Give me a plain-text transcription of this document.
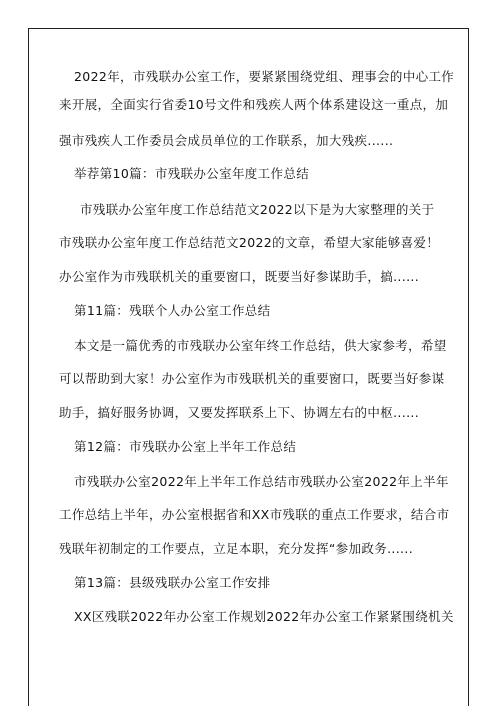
2022年，市残联办公室工作，要紧紧围绕党组、理事会的中心工作
来开展，全面实行省委10号文件和残疾人两个体系建设这一重点，加
强市残疾人工作委员会成员单位的工作联系，加大残疾......
举荐第10篇：市残联办公室年度工作总结
市残联办公室年度工作总结范文2022以下是为大家整理的关于
市残联办公室年度工作总结范文2022的文章，希望大家能够喜爱！
办公室作为市残联机关的重要窗口，既要当好参谋助手，搞......
第11篇：残联个人办公室工作总结
本文是一篇优秀的市残联办公室年终工作总结，供大家参考，希望
可以帮助到大家！办公室作为市残联机关的重要窗口，既要当好参谋
助手，搞好服务协调，又要发挥联系上下、协调左右的中枢......
第12篇：市残联办公室上半年工作总结
市残联办公室2022年上半年工作总结市残联办公室2022年上半年
工作总结上半年，办公室根据省和XX市残联的重点工作要求，结合市
残联年初制定的工作要点，立足本职，充分发挥“参加政务......
第13篇：县级残联办公室工作安排
XX区残联2022年办公室工作规划2022年办公室工作紧紧围绕机关
